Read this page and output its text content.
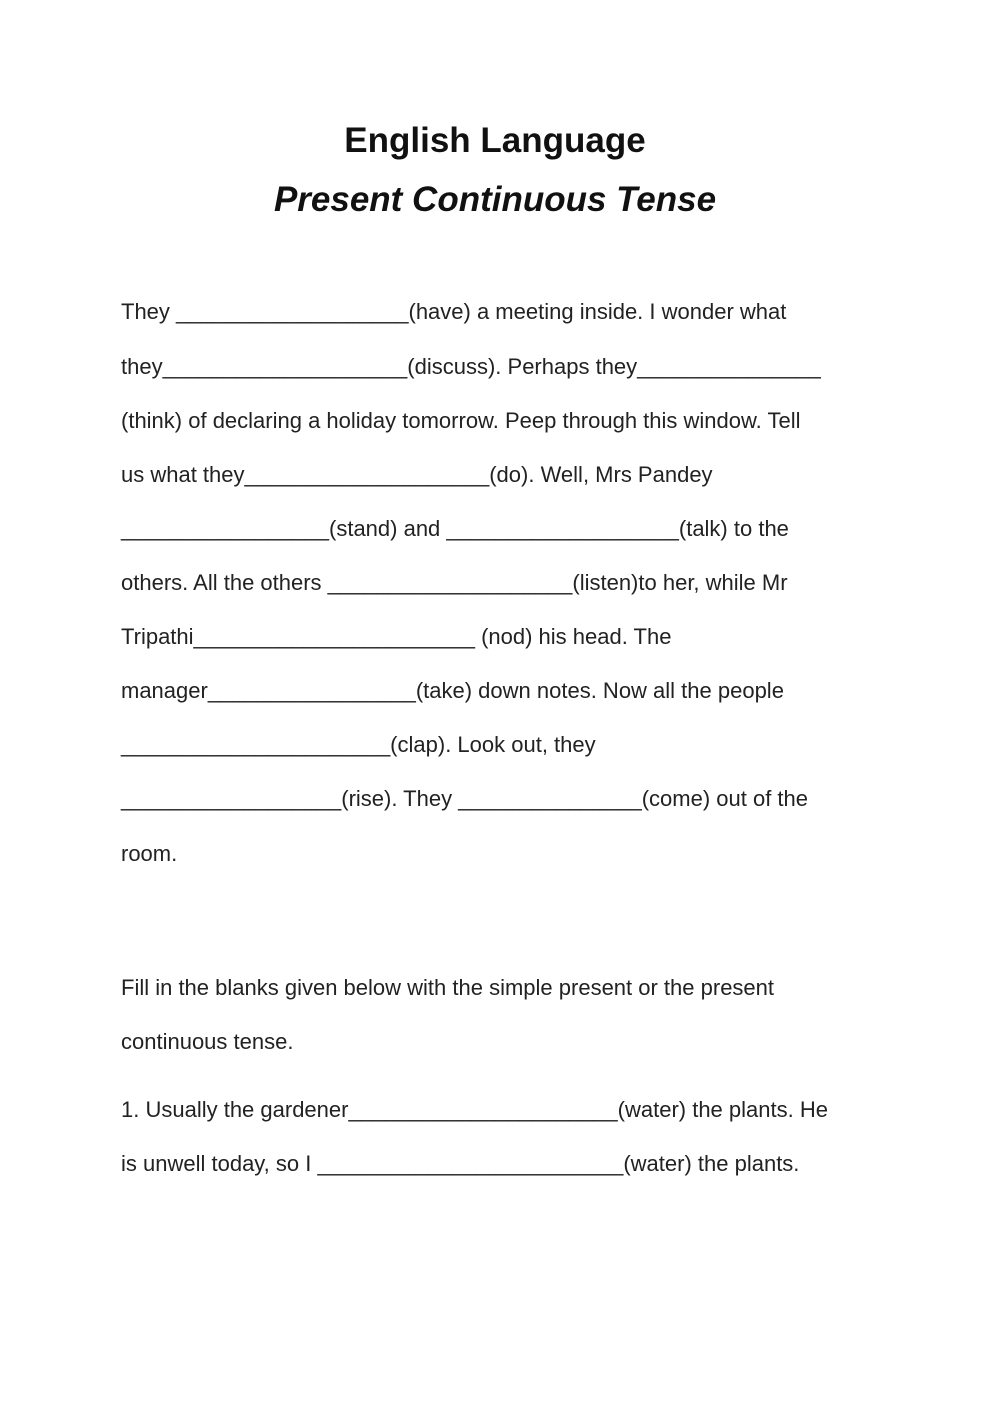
English Language
Present Continuous Tense
They ___________________(have) a meeting inside. I wonder what
they____________________(discuss). Perhaps they_______________
(think) of declaring a holiday tomorrow. Peep through this window. Tell
us what they____________________(do). Well, Mrs Pandey
_________________(stand) and ___________________(talk) to the
others. All the others ____________________(listen)to her, while Mr
Tripathi_______________________ (nod) his head. The
manager_________________(take) down notes. Now all the people
______________________(clap). Look out, they
__________________(rise). They _______________(come) out of the
room.
Fill in the blanks given below with the simple present or the present
continuous tense.
1. Usually the gardener______________________(water) the plants. He
is unwell today, so I _________________________(water) the plants.
